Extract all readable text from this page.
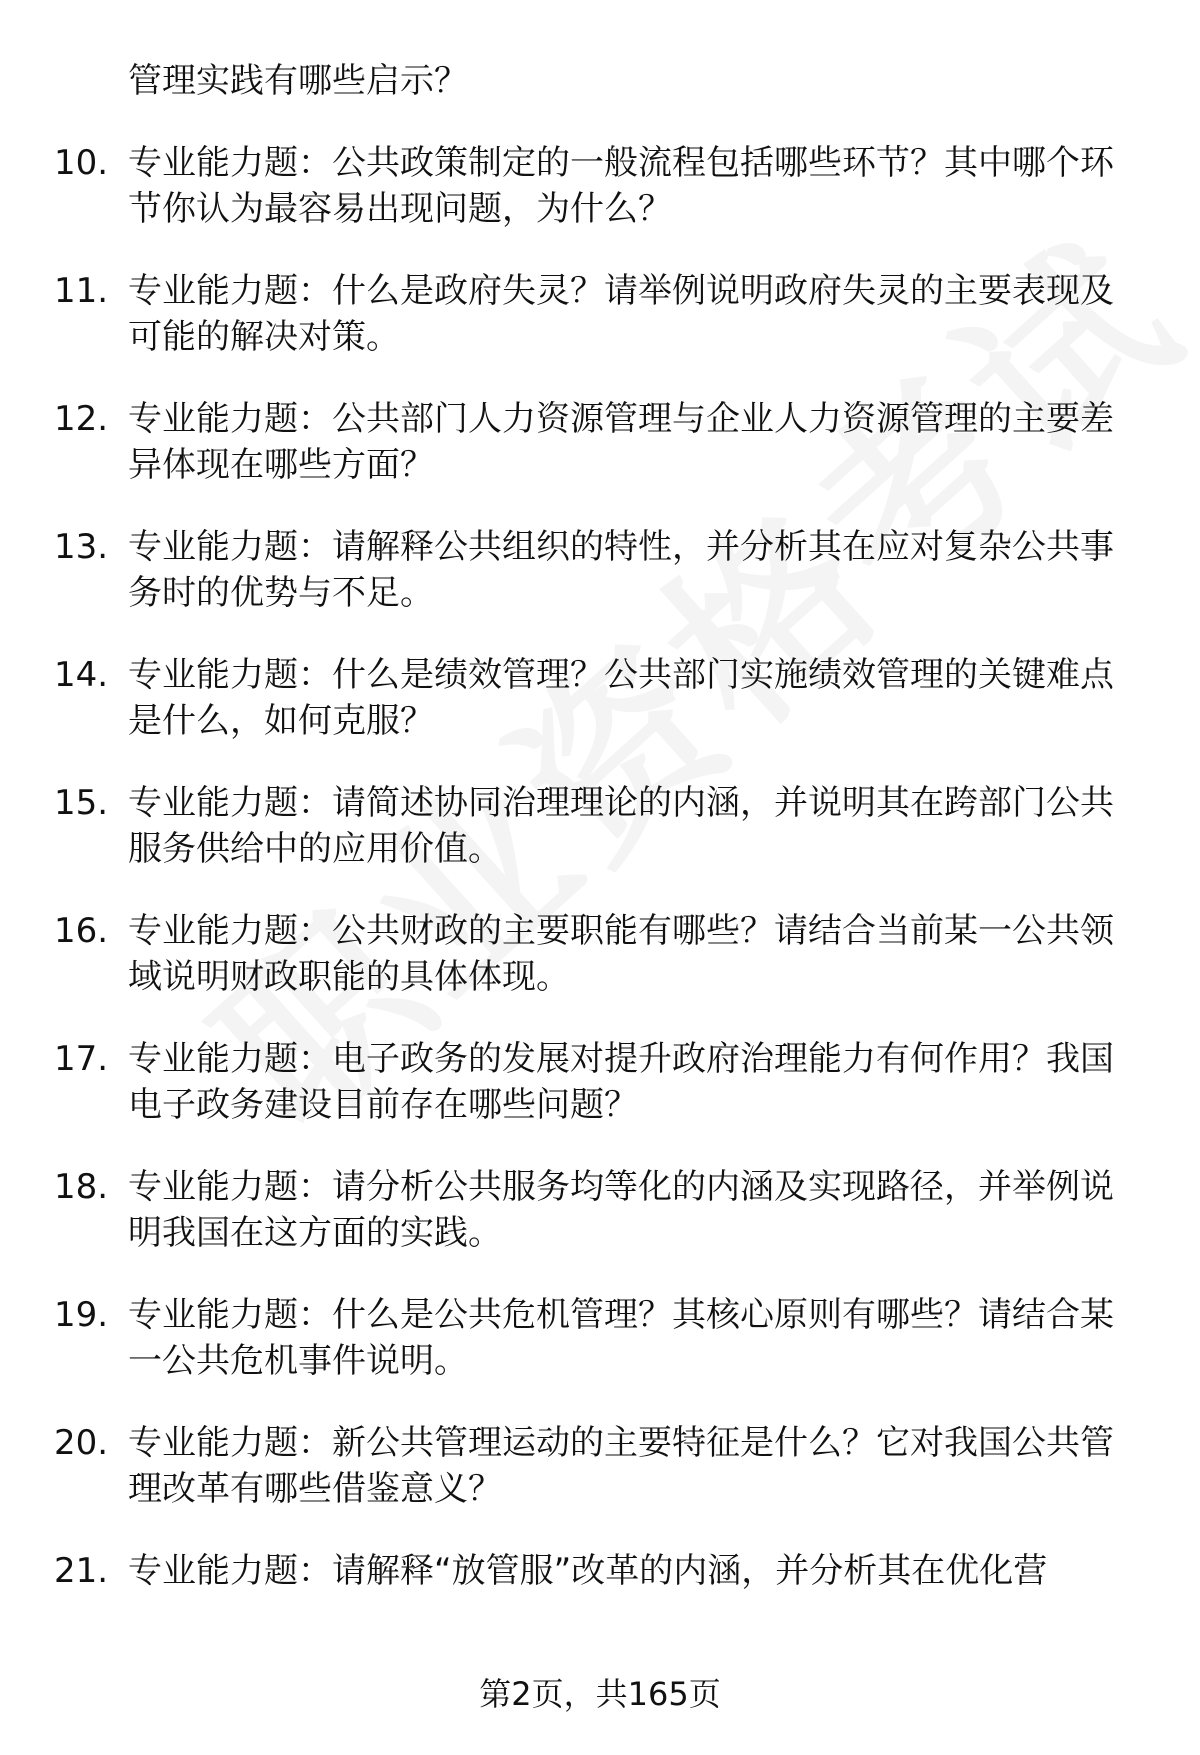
管理实践有哪些启示？
10. 专业能力题：公共政策制定的一般流程包括哪些环节？其中哪个环节你认为最容易出现问题，为什么？
11. 专业能力题：什么是政府失灵？请举例说明政府失灵的主要表现及可能的解决对策。
12. 专业能力题：公共部门人力资源管理与企业人力资源管理的主要差异体现在哪些方面？
13. 专业能力题：请解释公共组织的特性，并分析其在应对复杂公共事务时的优势与不足。
14. 专业能力题：什么是绩效管理？公共部门实施绩效管理的关键难点是什么，如何克服？
15. 专业能力题：请简述协同治理理论的内涵，并说明其在跨部门公共服务供给中的应用价值。
16. 专业能力题：公共财政的主要职能有哪些？请结合当前某一公共领域说明财政职能的具体体现。
17. 专业能力题：电子政务的发展对提升政府治理能力有何作用？我国电子政务建设目前存在哪些问题？
18. 专业能力题：请分析公共服务均等化的内涵及实现路径，并举例说明我国在这方面的实践。
19. 专业能力题：什么是公共危机管理？其核心原则有哪些？请结合某一公共危机事件说明。
20. 专业能力题：新公共管理运动的主要特征是什么？它对我国公共管理改革有哪些借鉴意义？
21. 专业能力题：请解释“放管服”改革的内涵，并分析其在优化营
第2页，共165页
